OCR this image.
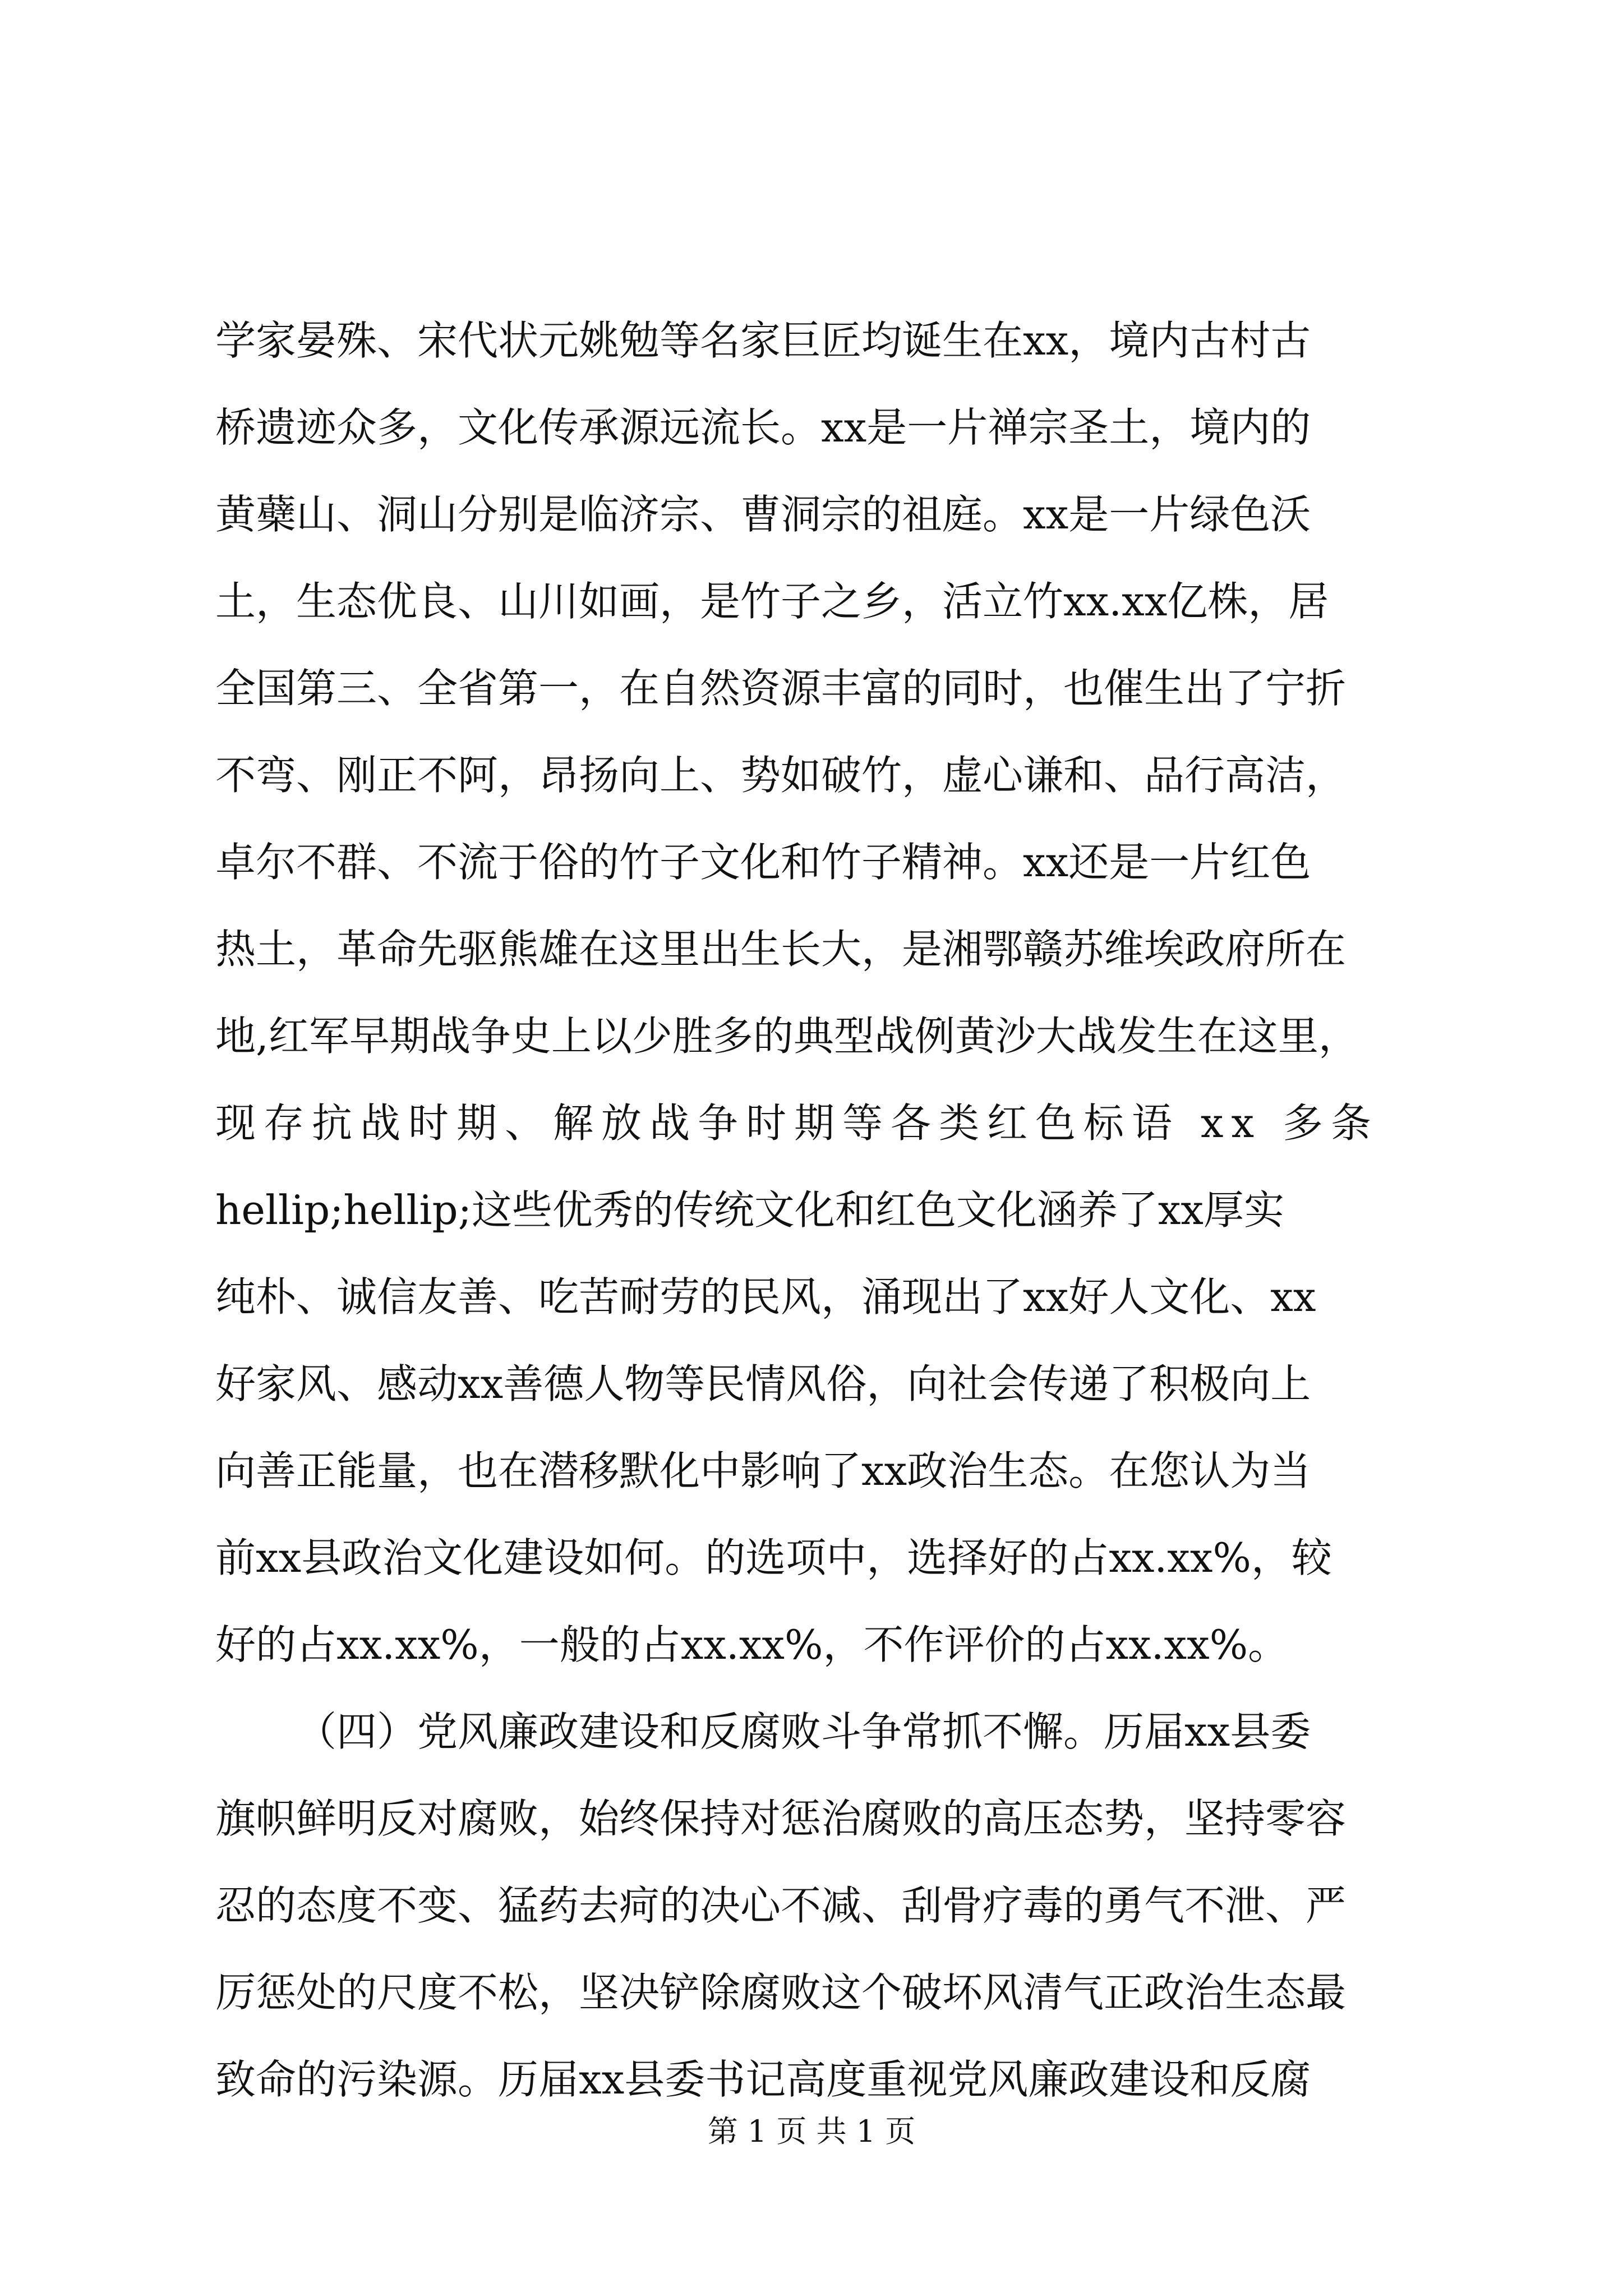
学家晏殊、宋代状元姚勉等名家巨匠均诞生在xx，境内古村古
桥遗迹众多，文化传承源远流长。xx是一片禅宗圣土，境内的
黄蘗山、洞山分别是临济宗、曹洞宗的祖庭。xx是一片绿色沃
土，生态优良、山川如画，是竹子之乡，活立竹xx.xx亿株，居
全国第三、全省第一，在自然资源丰富的同时，也催生出了宁折
不弯、刚正不阿，昂扬向上、势如破竹，虚心谦和、品行高洁，
卓尔不群、不流于俗的竹子文化和竹子精神。xx还是一片红色
热土，革命先驱熊雄在这里出生长大，是湘鄂赣苏维埃政府所在
地,红军早期战争史上以少胜多的典型战例黄沙大战发生在这里，
现存抗战时期、解放战争时期等各类红色标语 xx 多条
hellip;hellip;这些优秀的传统文化和红色文化涵养了xx厚实
纯朴、诚信友善、吃苦耐劳的民风，涌现出了xx好人文化、xx
好家风、感动xx善德人物等民情风俗，向社会传递了积极向上
向善正能量，也在潜移默化中影响了xx政治生态。在您认为当
前xx县政治文化建设如何。的选项中，选择好的占xx.xx%，较
好的占xx.xx%，一般的占xx.xx%，不作评价的占xx.xx%。
（四）党风廉政建设和反腐败斗争常抓不懈。历届xx县委
旗帜鲜明反对腐败，始终保持对惩治腐败的高压态势，坚持零容
忍的态度不变、猛药去疴的决心不减、刮骨疗毒的勇气不泄、严
厉惩处的尺度不松，坚决铲除腐败这个破坏风清气正政治生态最
致命的污染源。历届xx县委书记高度重视党风廉政建设和反腐
第 1 页 共 1 页
